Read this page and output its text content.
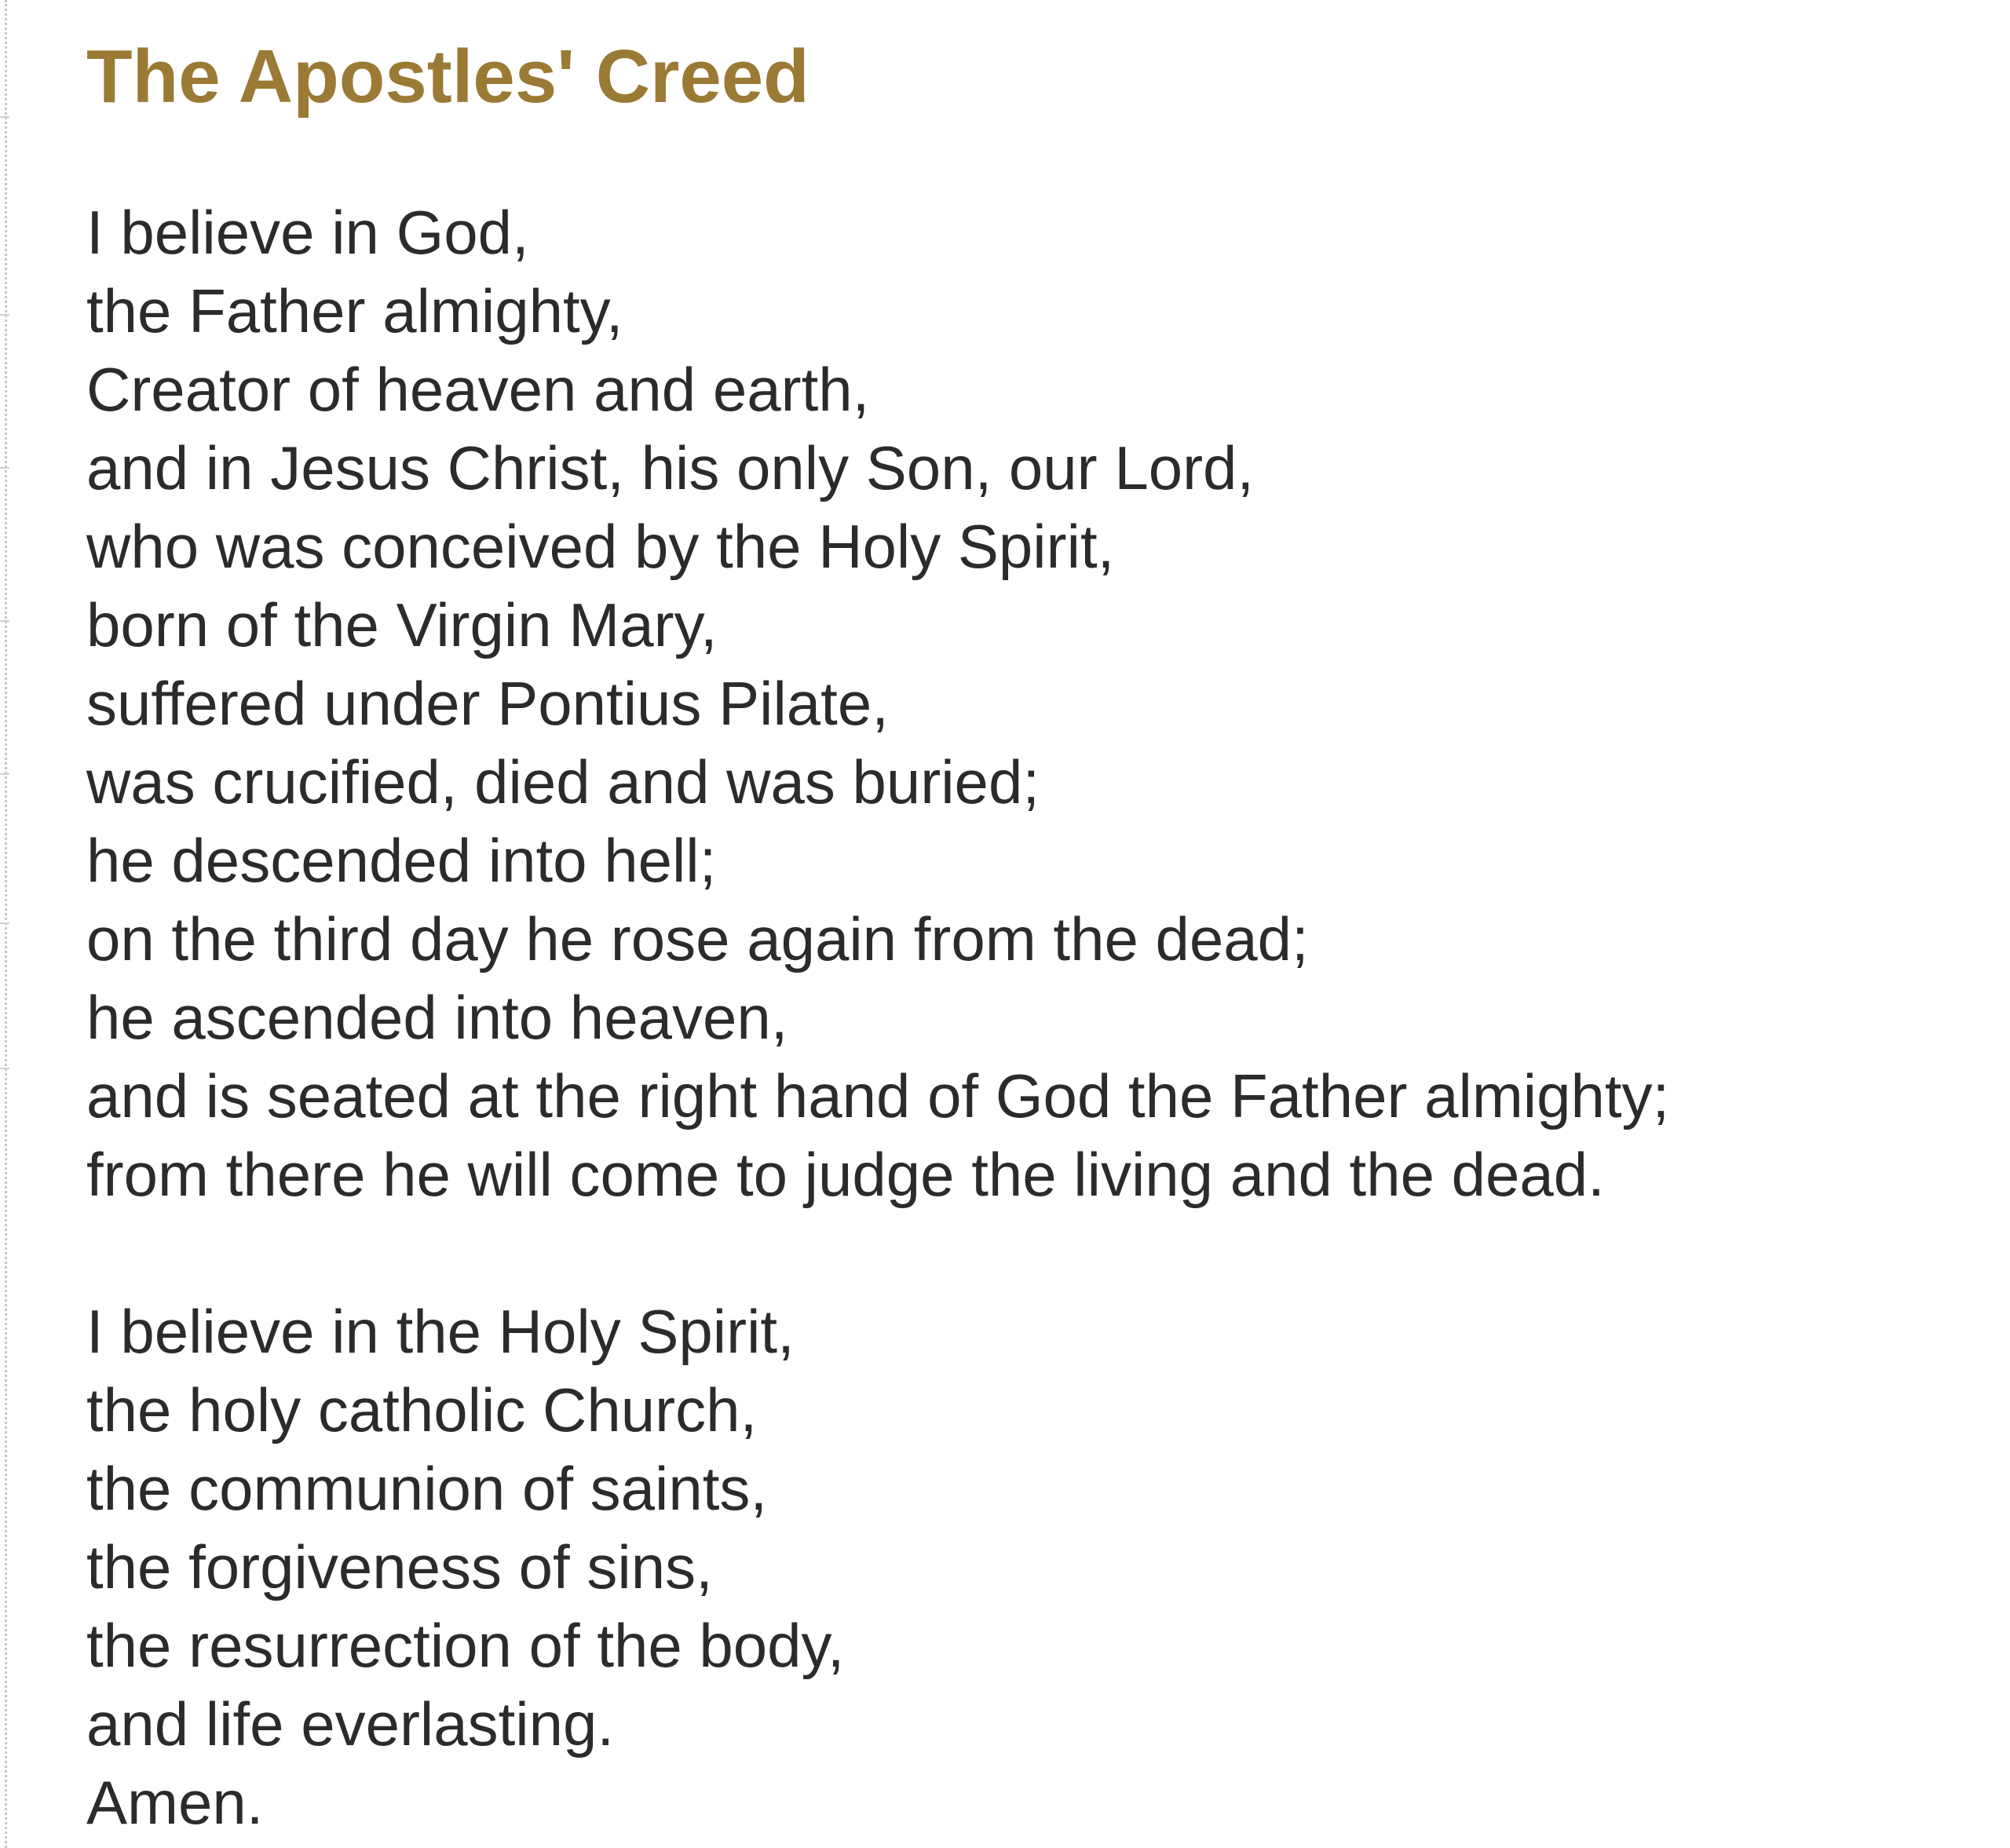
The Apostles' Creed
I believe in God,
the Father almighty,
Creator of heaven and earth,
and in Jesus Christ, his only Son, our Lord,
who was conceived by the Holy Spirit,
born of the Virgin Mary,
suffered under Pontius Pilate,
was crucified, died and was buried;
he descended into hell;
on the third day he rose again from the dead;
he ascended into heaven,
and is seated at the right hand of God the Father almighty;
from there he will come to judge the living and the dead.
I believe in the Holy Spirit,
the holy catholic Church,
the communion of saints,
the forgiveness of sins,
the resurrection of the body,
and life everlasting.
Amen.
